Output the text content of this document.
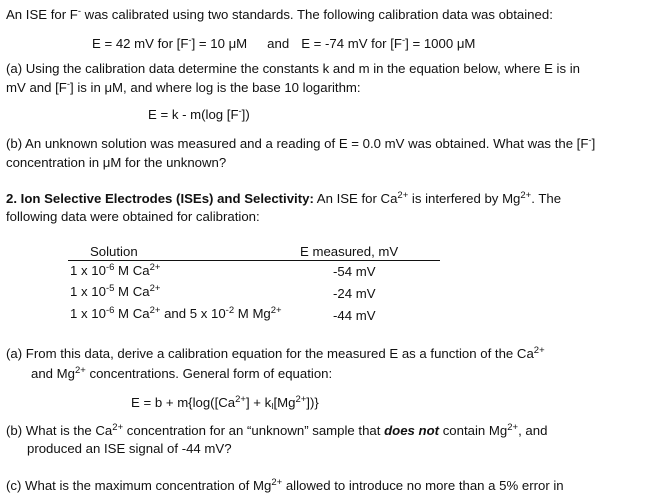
An ISE for F- was calibrated using two standards. The following calibration data was obtained:
E = 42 mV for [F-] = 10 μM and E = -74 mV for [F-] = 1000 μM
(a) Using the calibration data determine the constants k and m in the equation below, where E is in
mV and [F-] is in μM, and where log is the base 10 logarithm:
E = k - m(log [F-])
(b) An unknown solution was measured and a reading of E = 0.0 mV was obtained. What was the [F-]
concentration in μM for the unknown?
2. Ion Selective Electrodes (ISEs) and Selectivity: An ISE for $Ca^{2+}$ is interfered by $Mg^{2+}$. The
following data were obtained for calibration:
Solution	E measured, mV
1 x $10^{-6}$ M $Ca^{2+}$	-54 mV
1 x $10^{-5}$ M $Ca^{2+}$	-24 mV
1 x $10^{-6}$ M $Ca^{2+}$ and 5 x $10^{-2}$ M $Mg^{2+}$	-44 mV
(a) From this data, derive a calibration equation for the measured E as a function of the $Ca^{2+}$
and $Mg^{2+}$ concentrations. General form of equation:
$E = b + m\{\log([Ca^{2+}] + k_I[Mg^{2+}])\}$
(b) What is the $Ca^{2+}$ concentration for an “unknown” sample that does not contain $Mg^{2+}$, and
produced an ISE signal of -44 mV?
(c) What is the maximum concentration of $Mg^{2+}$ allowed to introduce no more than a 5% error in
